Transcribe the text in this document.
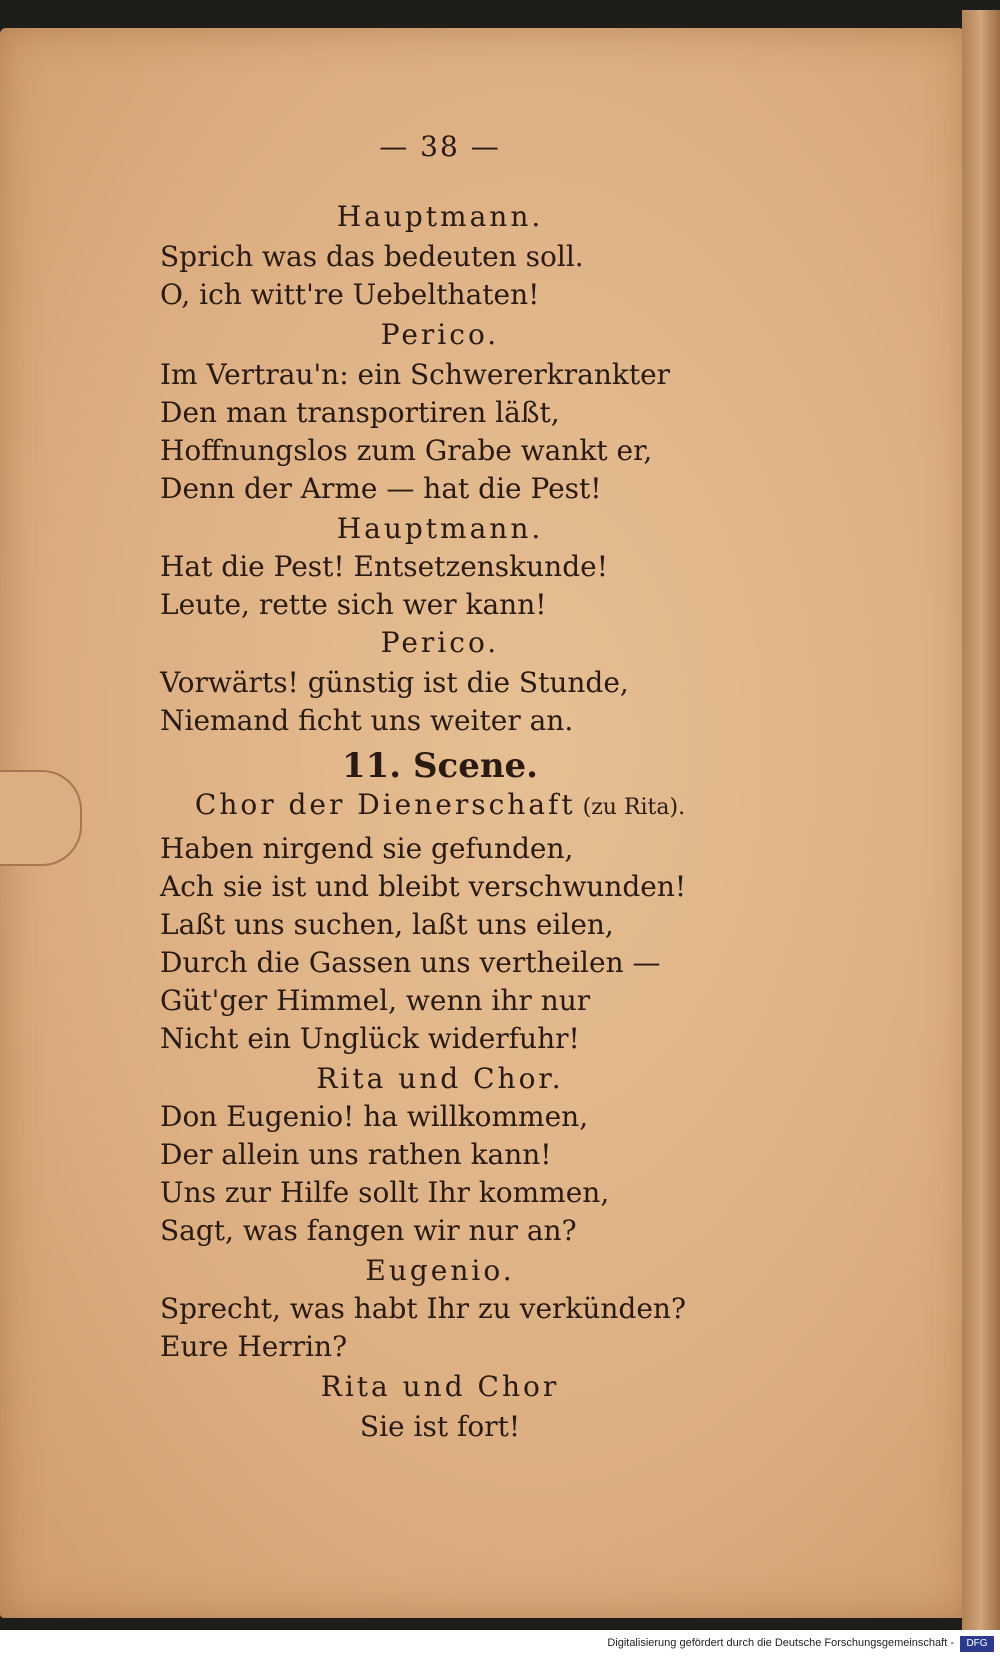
— 38 —
Hauptmann.
Sprich was das bedeuten soll.
O, ich witt're Uebelthaten!
Perico.
Im Vertrau'n: ein Schwererkrankter
Den man transportiren läßt,
Hoffnungslos zum Grabe wankt er,
Denn der Arme — hat die Pest!
Hauptmann.
Hat die Pest! Entsetzenskunde!
Leute, rette sich wer kann!
Perico.
Vorwärts! günstig ist die Stunde,
Niemand ficht uns weiter an.
11. Scene.
Chor der Dienerschaft (zu Rita).
Haben nirgend sie gefunden,
Ach sie ist und bleibt verschwunden!
Laßt uns suchen, laßt uns eilen,
Durch die Gassen uns vertheilen —
Güt'ger Himmel, wenn ihr nur
Nicht ein Unglück widerfuhr!
Rita und Chor.
Don Eugenio! ha willkommen,
Der allein uns rathen kann!
Uns zur Hilfe sollt Ihr kommen,
Sagt, was fangen wir nur an?
Eugenio.
Sprecht, was habt Ihr zu verkünden?
Eure Herrin?
Rita und Chor
Sie ist fort!
Digitalisierung gefördert durch die Deutsche Forschungsgemeinschaft -	DFG
